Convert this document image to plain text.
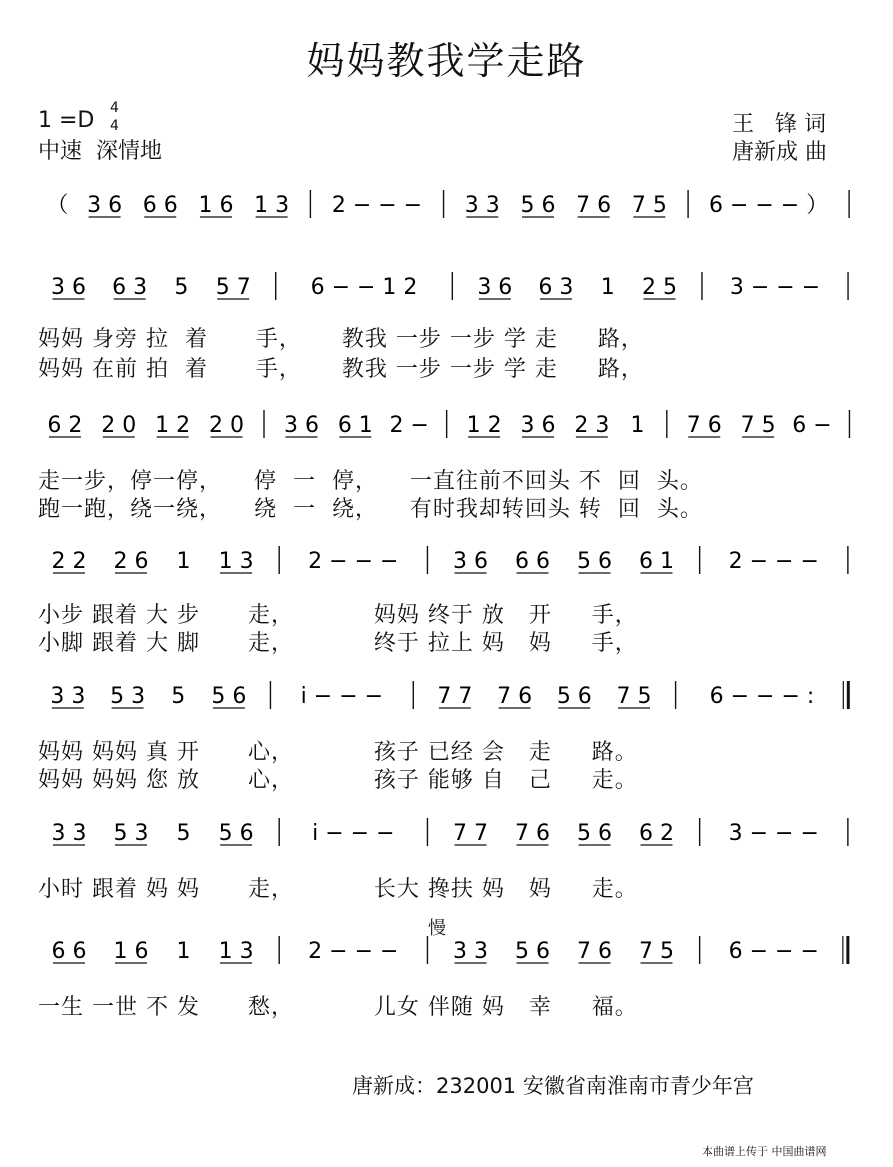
妈妈教我学走路
1 =D 4
4
中速  深情地
王   锋 词
唐新成 曲
妈妈 身旁 拉  着      手，     教我 一步 一步 学 走     路，
妈妈 在前 拍  着      手，     教我 一步 一步 学 走     路，
走一步，停一停，    停  一  停，    一直往前不回头 不  回  头。
跑一跑，绕一绕，    绕  一  绕，    有时我却转回头 转  回  头。
小步 跟着 大 步      走，          妈妈 终于 放   开     手，
小脚 跟着 大 脚      走，          终于 拉上 妈   妈     手，
妈妈 妈妈 真 开      心，          孩子 已经 会   走     路。
妈妈 妈妈 您 放      心，          孩子 能够 自   己     走。
小时 跟着 妈 妈      走，          长大 搀扶 妈   妈     走。
一生 一世 不 发      愁，          儿女 伴随 妈   幸     福。
慢
唐新成：232001 安徽省南淮南市青少年宫
本曲谱上传于 中国曲谱网
（ 3 6 6 6 1 6 1 3 2 − − − 3 3 5 6 7 6 7 5 6 − − − ）
3 6 6 3 5 5 7	6 − − 1 2	3 6 6 3 1 2 5 3 − − −
6 2 2 0 1 2 2 0 3 6 6 1 2 − 1 2 3 6 2 3 1 7 6 7 5 6 −
2 2 2 6 1 1 3 2 − − − 3 6 6 6 5 6 6 1 2 − − −
3 3 5 3 5 5 6 i − − − 7 7 7 6 5 6 7 5	6 − − − :
3 3 5 3 5 5 6	i − − −	7 7 7 6 5 6 6 2 3 − − −
6 6 1 6 1 1 3 2 − − − 3 3 5 6 7 6 7 5 6 − − −
